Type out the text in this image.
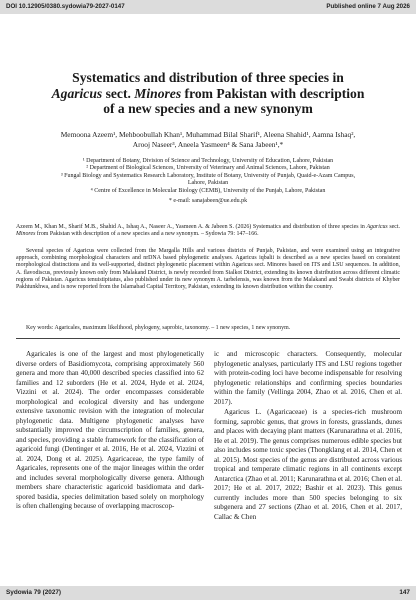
DOI 10.12905/0380.sydowia79-2027-0147	Published online 7 Aug 2026
Systematics and distribution of three species in
Agaricus sect. Minores from Pakistan with description
of a new species and a new synonym
Memoona Azeem¹, Mehboobullah Khan¹, Muhammad Bilal Sharif¹, Aleena Shahid¹, Aamna Ishaq²,
Arooj Naseer³, Aneela Yasmeen⁴ & Sana Jabeen¹,*
¹ Department of Botany, Division of Science and Technology, University of Education, Lahore, Pakistan
² Department of Biological Sciences, University of Veterinary and Animal Sciences, Lahore, Pakistan
³ Fungal Biology and Systematics Research Laboratory, Institute of Botany, University of Punjab, Quaid-e-Azam Campus,
Lahore, Pakistan
⁴ Centre of Excellence in Molecular Biology (CEMB), University of the Punjab, Lahore, Pakistan
* e-mail: sanajabeen@ue.edu.pk
Azeem M., Khan M., Sharif M.B., Shahid A., Ishaq A., Naseer A., Yasmeen A. & Jabeen S. (2026) Systematics and distribution of three species in Agaricus sect. Minores from Pakistan with description of a new species and a new synonym. – Sydowia 79: 147–166.
Several species of Agaricus were collected from the Margalla Hills and various districts of Punjab, Pakistan, and were examined using an integrative approach, combining morphological characters and nrDNA based phylogenetic analyses. Agaricus iqbalii is described as a new species based on consistent morphological distinctions and its well-supported, distinct phylogenetic placement within Agaricus sect. Minores based on ITS and LSU sequences. In addition, A. flavodiscus, previously known only from Malakand District, is newly recorded from Sialkot District, extending its known distribution across different climatic regions of Pakistan. Agaricus tenuistipitatus, also published under its new synonym A. tarbelensis, was known from the Malakand and Swabi districts of Khyber Pakhtunkhwa, and is now reported from the Islamabad Capital Territory, Pakistan, extending its known distribution within the country.
Key words: Agaricales, maximum likelihood, phylogeny, saprobic, taxonomy. – 1 new species, 1 new synonym.

Agaricales is one of the largest and most phylogenetically diverse orders of Basidiomycota, comprising approximately 560 genera and more than 40,000 described species classified into 62 families and 12 suborders (He et al. 2024, Hyde et al. 2024, Vizzini et al. 2024). The order encompasses considerable morphological and ecological diversity and has undergone extensive taxonomic revision with the integration of molecular phylogenetic data. Multigene phylogenetic analyses have substantially improved the circumscription of families, genera, and species, providing a stable framework for the classification of agaricoid fungi (Dentinger et al. 2016, He et al. 2024, Vizzini et al. 2024, Dong et al. 2025). Agaricaceae, the type family of Agaricales, represents one of the major lineages within the order and includes several morphologically diverse genera. Although members share characteristic agaricoid basidiomata and dark-spored basidia, species delimitation based solely on morphology is often challenging because of overlapping macroscop-

ic and microscopic characters. Consequently, molecular phylogenetic analyses, particularly ITS and LSU regions together with protein-coding loci have become indispensable for resolving phylogenetic relationships and confirming species boundaries within the family (Vellinga 2004, Zhao et al. 2016, Chen et al. 2017).

Agaricus L. (Agaricaceae) is a species-rich mushroom forming, saprobic genus, that grows in forests, grasslands, dunes and places with decaying plant matters (Karunarathna et al. 2016, He et al. 2019). The genus comprises numerous edible species but also includes some toxic species (Thongklang et al. 2014, Chen et al. 2015). Most species of the genus are distributed across various tropical and temperate climatic regions in all continents except Antarctica (Zhao et al. 2011; Karunarathna et al. 2016; Chen et al. 2017; He et al. 2017, 2022; Bashir et al. 2023). This genus currently includes more than 500 species belonging to six subgenera and 27 sections (Zhao et al. 2016, Chen et al. 2017, Callac & Chen

Sydowia 79 (2027)	147
